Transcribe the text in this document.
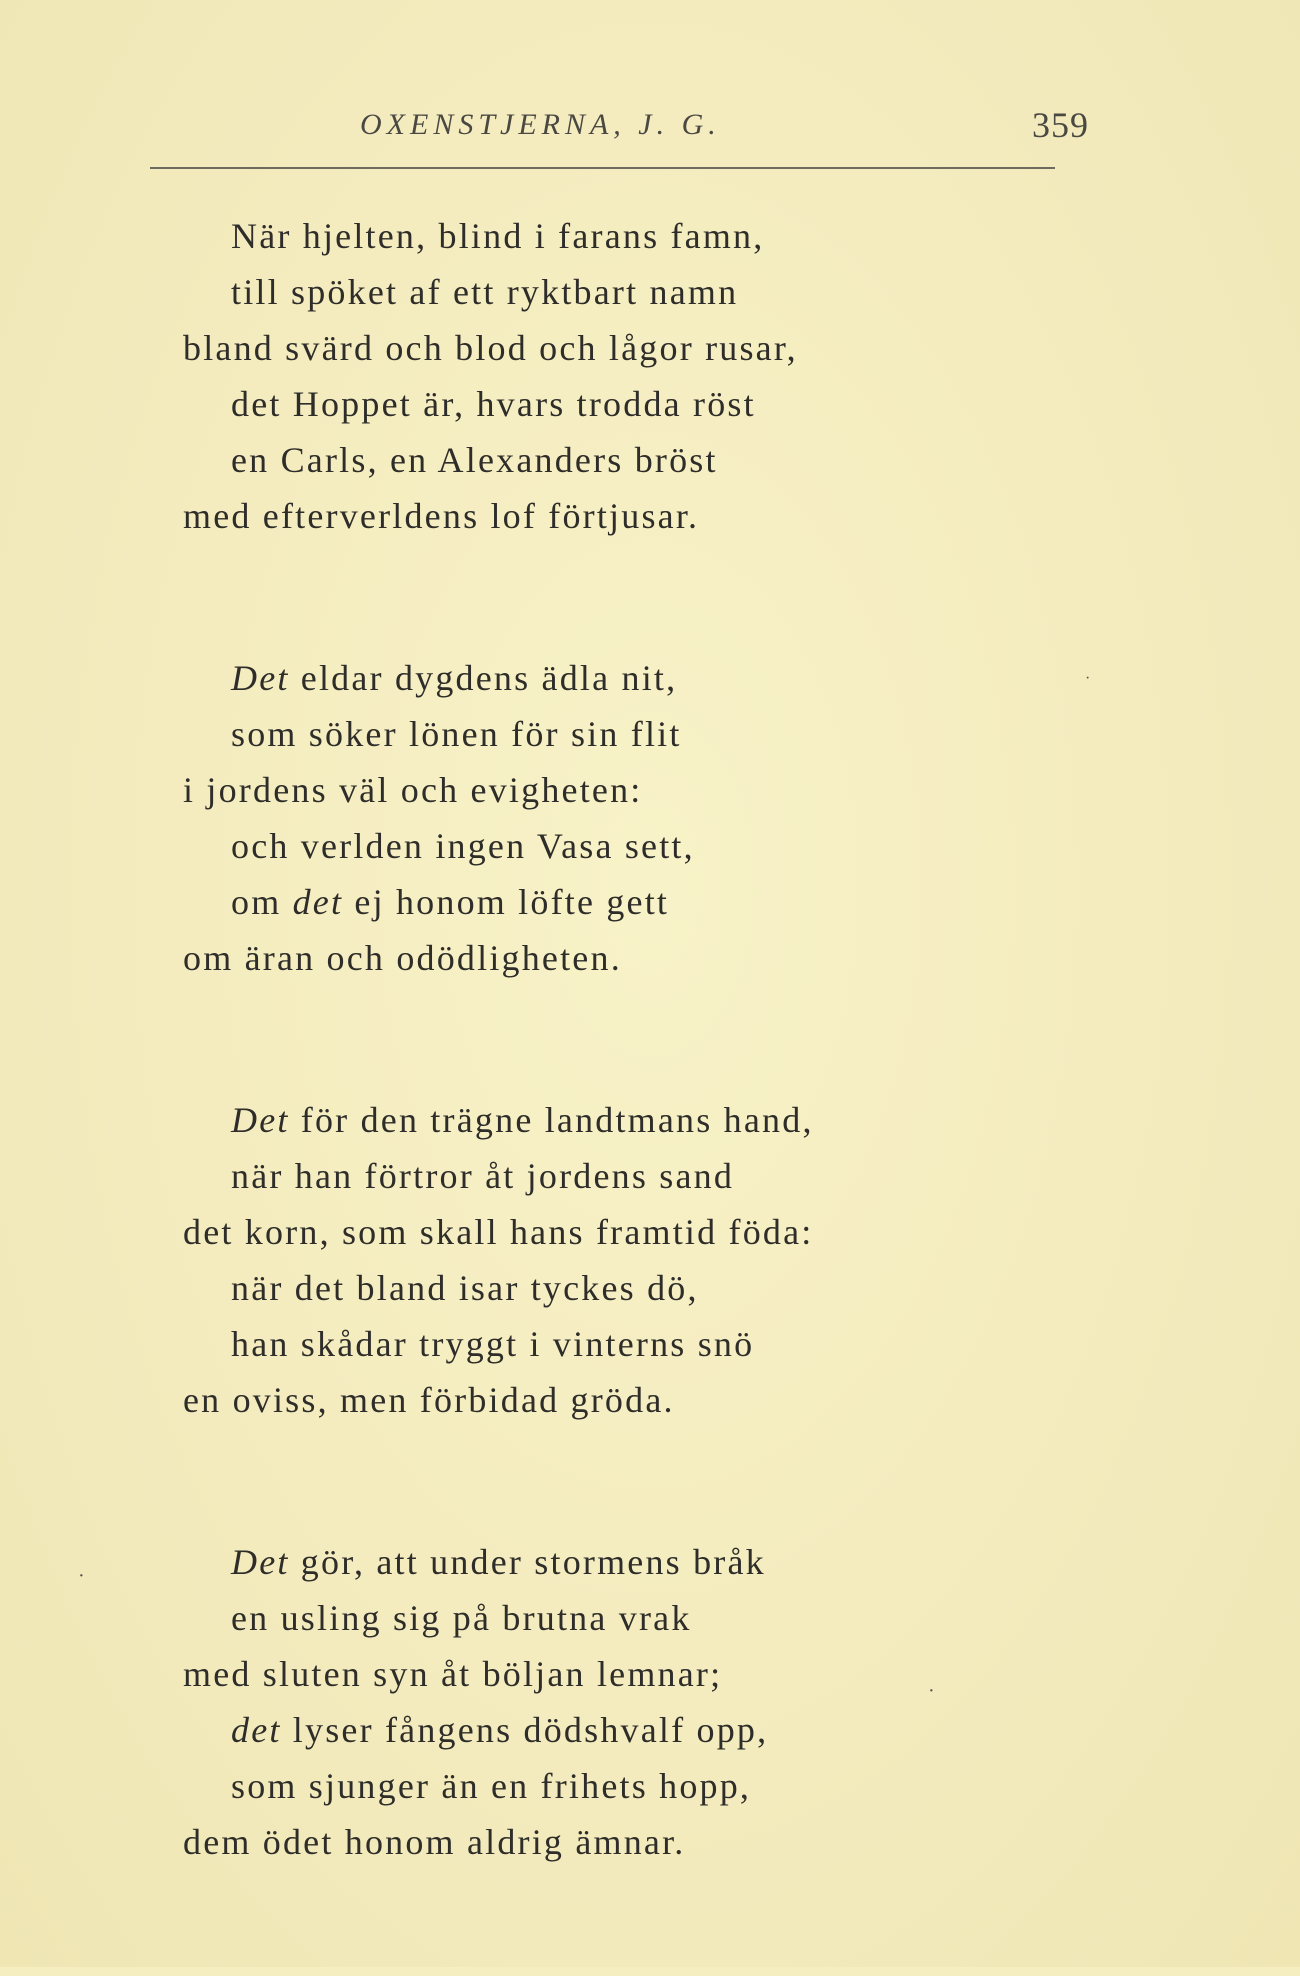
OXENSTJERNA, J. G.	359
När hjelten, blind i farans famn,
till spöket af ett ryktbart namn
bland svärd och blod och lågor rusar,
det Hoppet är, hvars trodda röst
en Carls, en Alexanders bröst
med efterverldens lof förtjusar.
Det eldar dygdens ädla nit,
som söker lönen för sin flit
i jordens väl och evigheten:
och verlden ingen Vasa sett,
om det ej honom löfte gett
om äran och odödligheten.
Det för den trägne landtmans hand,
när han förtror åt jordens sand
det korn, som skall hans framtid föda:
när det bland isar tyckes dö,
han skådar tryggt i vinterns snö
en oviss, men förbidad gröda.
Det gör, att under stormens bråk
en usling sig på brutna vrak
med sluten syn åt böljan lemnar;
det lyser fångens dödshvalf opp,
som sjunger än en frihets hopp,
dem ödet honom aldrig ämnar.
·
·
·
